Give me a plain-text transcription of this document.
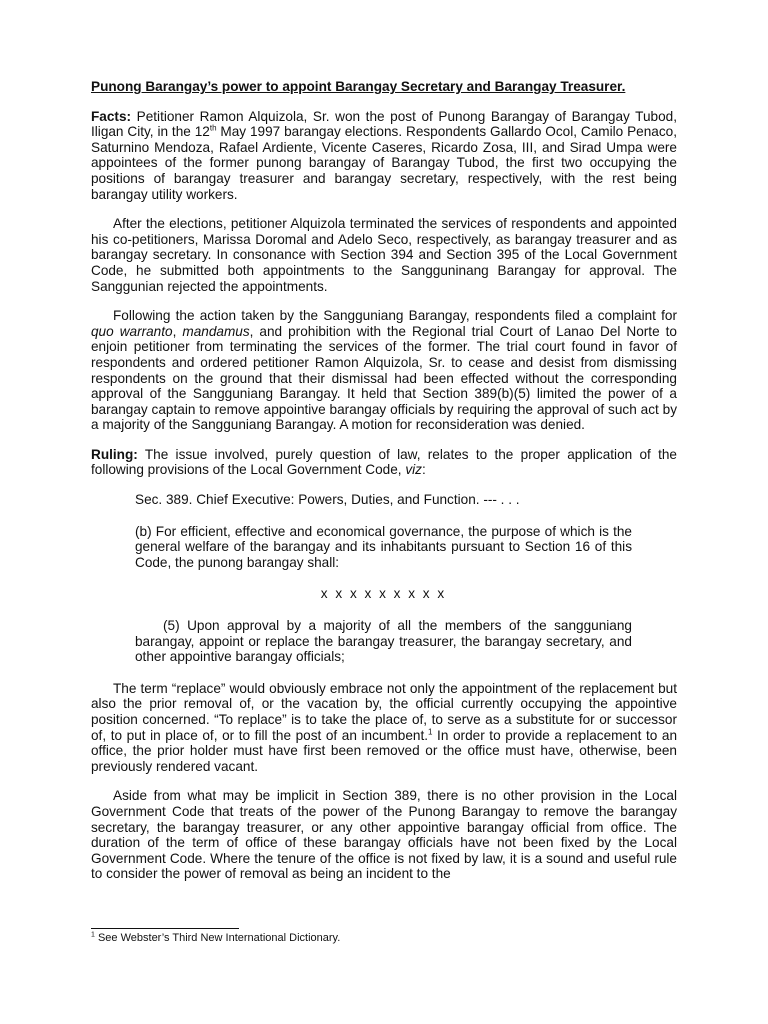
Punong Barangay’s power to appoint Barangay Secretary and Barangay Treasurer.

Facts: Petitioner Ramon Alquizola, Sr. won the post of Punong Barangay of Barangay Tubod, Iligan City, in the 12th May 1997 barangay elections. Respondents Gallardo Ocol, Camilo Penaco, Saturnino Mendoza, Rafael Ardiente, Vicente Caseres, Ricardo Zosa, III, and Sirad Umpa were appointees of the former punong barangay of Barangay Tubod, the first two occupying the positions of barangay treasurer and barangay secretary, respectively, with the rest being barangay utility workers.

After the elections, petitioner Alquizola terminated the services of respondents and appointed his co-petitioners, Marissa Doromal and Adelo Seco, respectively, as barangay treasurer and as barangay secretary. In consonance with Section 394 and Section 395 of the Local Government Code, he submitted both appointments to the Sangguninang Barangay for approval. The Sanggunian rejected the appointments.

Following the action taken by the Sangguniang Barangay, respondents filed a complaint for quo warranto, mandamus, and prohibition with the Regional trial Court of Lanao Del Norte to enjoin petitioner from terminating the services of the former. The trial court found in favor of respondents and ordered petitioner Ramon Alquizola, Sr. to cease and desist from dismissing respondents on the ground that their dismissal had been effected without the corresponding approval of the Sangguniang Barangay. It held that Section 389(b)(5) limited the power of a barangay captain to remove appointive barangay officials by requiring the approval of such act by a majority of the Sangguniang Barangay. A motion for reconsideration was denied.

Ruling: The issue involved, purely question of law, relates to the proper application of the following provisions of the Local Government Code, viz:

Sec. 389. Chief Executive: Powers, Duties, and Function. --- . . .

(b) For efficient, effective and economical governance, the purpose of which is the general welfare of the barangay and its inhabitants pursuant to Section 16 of this Code, the punong barangay shall:

x x x x x x x x x

(5) Upon approval by a majority of all the members of the sangguniang barangay, appoint or replace the barangay treasurer, the barangay secretary, and other appointive barangay officials;

The term “replace” would obviously embrace not only the appointment of the replacement but also the prior removal of, or the vacation by, the official currently occupying the appointive position concerned. “To replace” is to take the place of, to serve as a substitute for or successor of, to put in place of, or to fill the post of an incumbent.$^1$ In order to provide a replacement to an office, the prior holder must have first been removed or the office must have, otherwise, been previously rendered vacant.

Aside from what may be implicit in Section 389, there is no other provision in the Local Government Code that treats of the power of the Punong Barangay to remove the barangay secretary, the barangay treasurer, or any other appointive barangay official from office. The duration of the term of office of these barangay officials have not been fixed by the Local Government Code. Where the tenure of the office is not fixed by law, it is a sound and useful rule to consider the power of removal as being an incident to the

$^1$ See Webster’s Third New International Dictionary.
